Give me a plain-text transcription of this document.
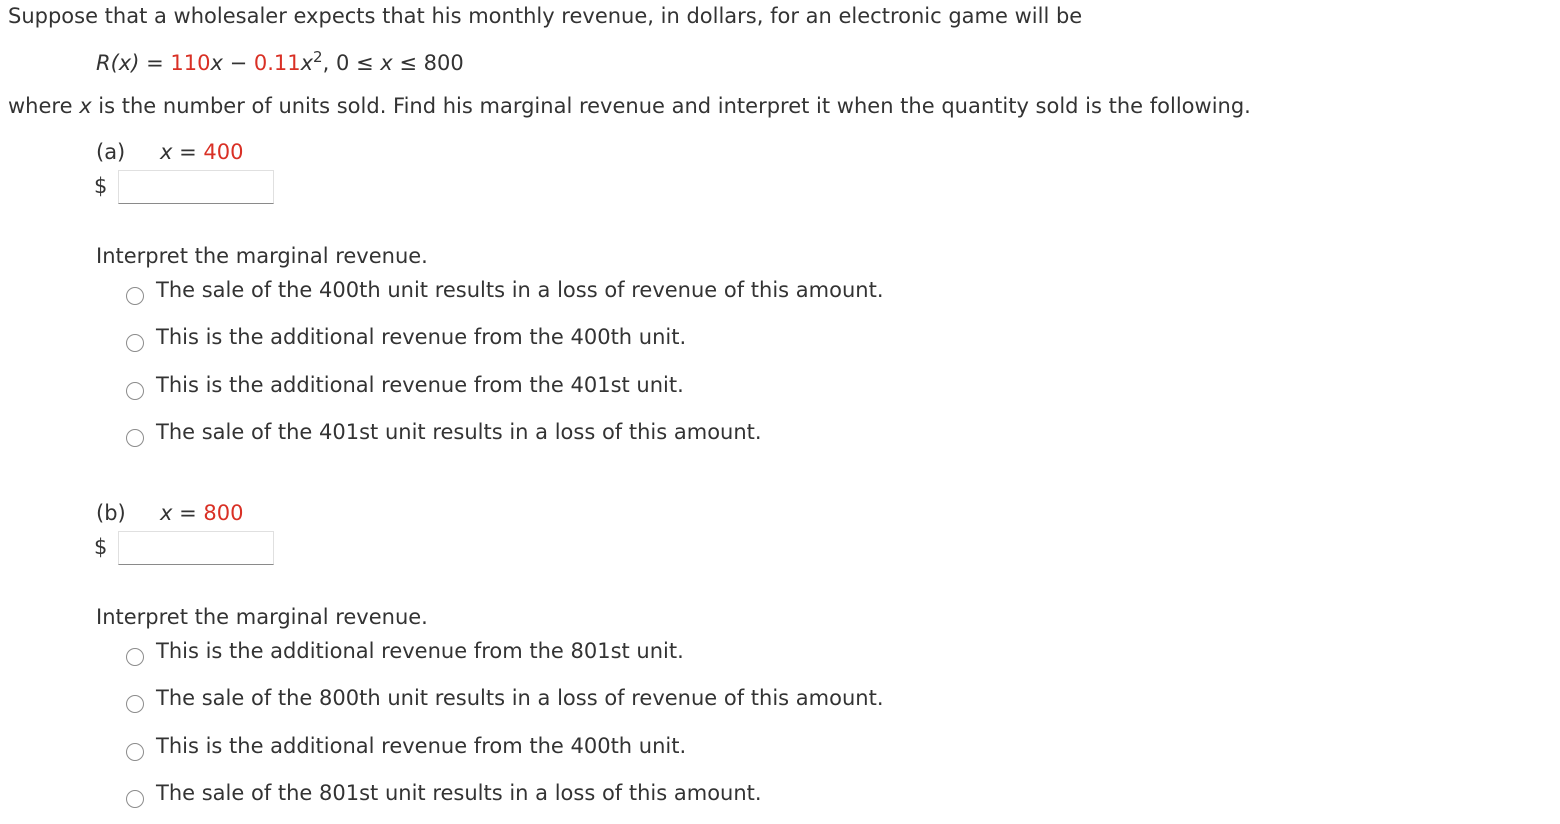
Suppose that a wholesaler expects that his monthly revenue, in dollars, for an electronic game will be
$R(x) = 110x - 0.11x^2$, 0 ≤ x ≤ 800
where x is the number of units sold. Find his marginal revenue and interpret it when the quantity sold is the following.
(a) x = 400
$
Interpret the marginal revenue.
The sale of the 400th unit results in a loss of revenue of this amount.
This is the additional revenue from the 400th unit.
This is the additional revenue from the 401st unit.
The sale of the 401st unit results in a loss of this amount.
(b) x = 800
$
Interpret the marginal revenue.
This is the additional revenue from the 801st unit.
The sale of the 800th unit results in a loss of revenue of this amount.
This is the additional revenue from the 400th unit.
The sale of the 801st unit results in a loss of this amount.
